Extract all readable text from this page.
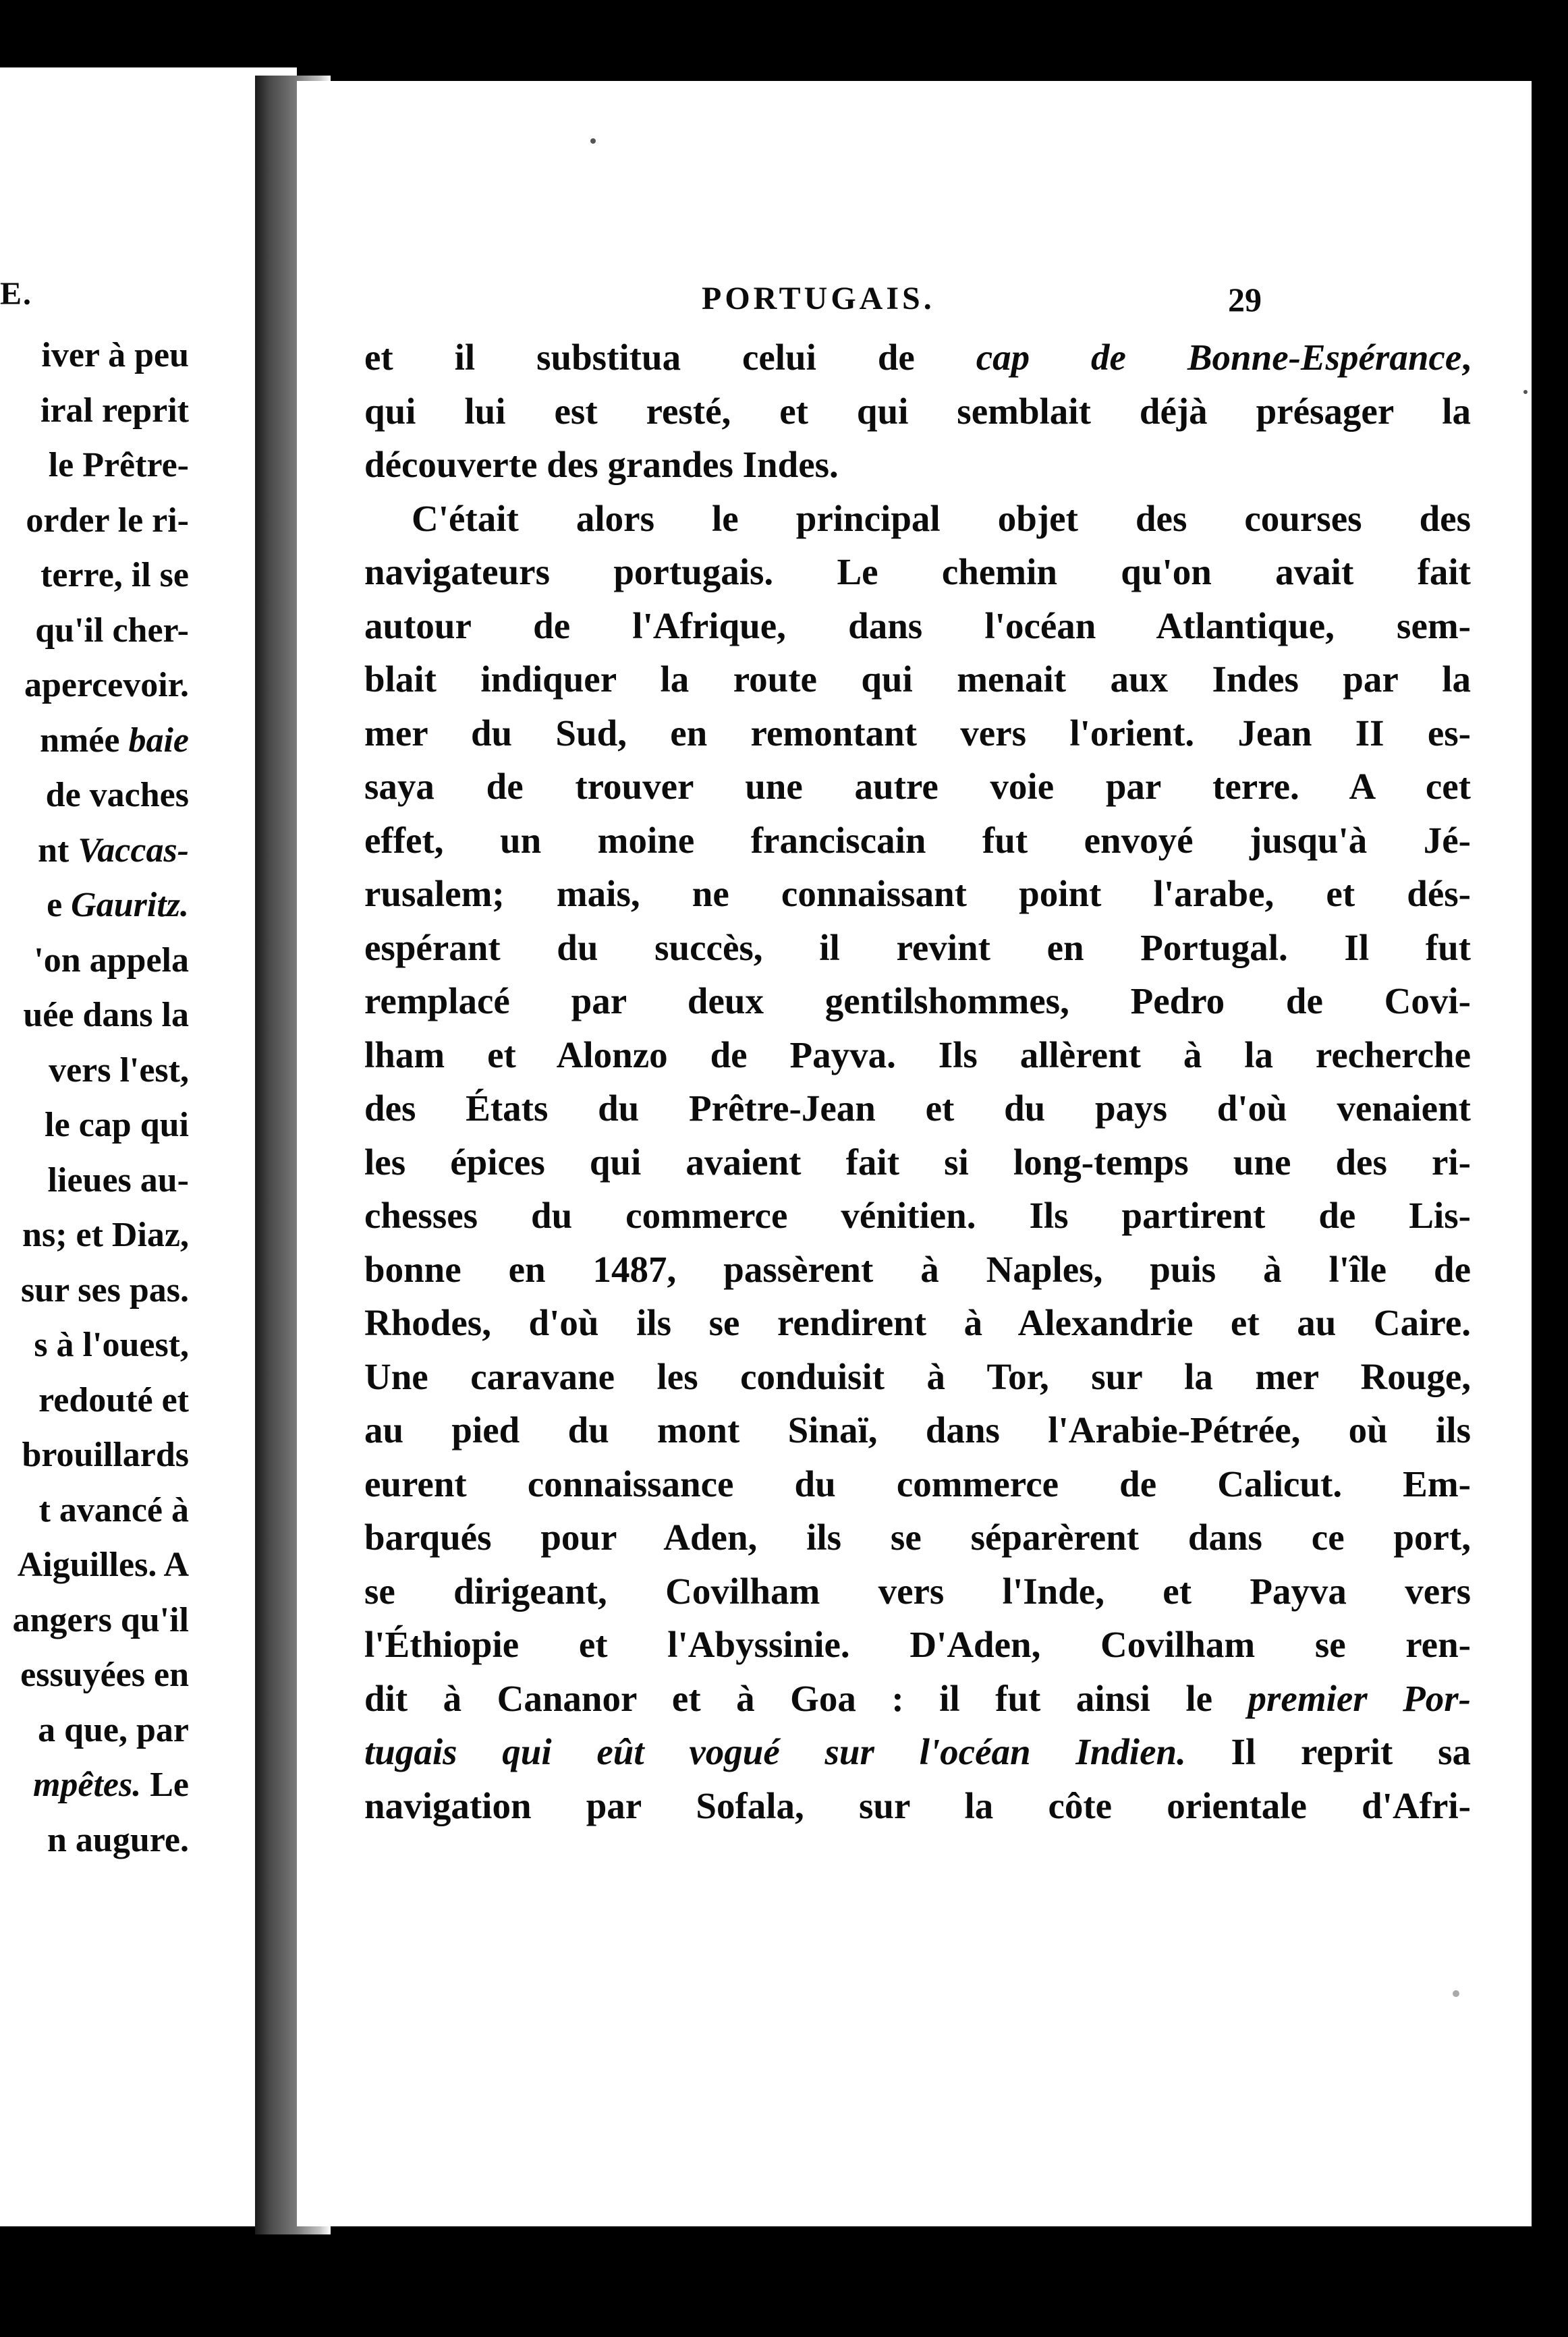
E.
iver à peu
iral reprit
le Prêtre-
order le ri-
terre, il se
qu'il cher-
apercevoir.
nmée baie
de vaches
nt Vaccas-
e Gauritz.
'on appela
uée dans la
vers l'est,
le cap qui
lieues au-
ns; et Diaz,
sur ses pas.
s à l'ouest,
redouté et
brouillards
t avancé à
Aiguilles. A
angers qu'il
essuyées en
a que, par
mpêtes. Le
n augure.
PORTUGAIS.	29
et il substitua celui de cap de Bonne-Espérance,
qui lui est resté, et qui semblait déjà présager la
découverte des grandes Indes.
C'était alors le principal objet des courses des
navigateurs portugais. Le chemin qu'on avait fait
autour de l'Afrique, dans l'océan Atlantique, sem-
blait indiquer la route qui menait aux Indes par la
mer du Sud, en remontant vers l'orient. Jean II es-
saya de trouver une autre voie par terre. A cet
effet, un moine franciscain fut envoyé jusqu'à Jé-
rusalem; mais, ne connaissant point l'arabe, et dés-
espérant du succès, il revint en Portugal. Il fut
remplacé par deux gentilshommes, Pedro de Covi-
lham et Alonzo de Payva. Ils allèrent à la recherche
des États du Prêtre-Jean et du pays d'où venaient
les épices qui avaient fait si long-temps une des ri-
chesses du commerce vénitien. Ils partirent de Lis-
bonne en 1487, passèrent à Naples, puis à l'île de
Rhodes, d'où ils se rendirent à Alexandrie et au Caire.
Une caravane les conduisit à Tor, sur la mer Rouge,
au pied du mont Sinaï, dans l'Arabie-Pétrée, où ils
eurent connaissance du commerce de Calicut. Em-
barqués pour Aden, ils se séparèrent dans ce port,
se dirigeant, Covilham vers l'Inde, et Payva vers
l'Éthiopie et l'Abyssinie. D'Aden, Covilham se ren-
dit à Cananor et à Goa : il fut ainsi le premier Por-
tugais qui eût vogué sur l'océan Indien. Il reprit sa
navigation par Sofala, sur la côte orientale d'Afri-
